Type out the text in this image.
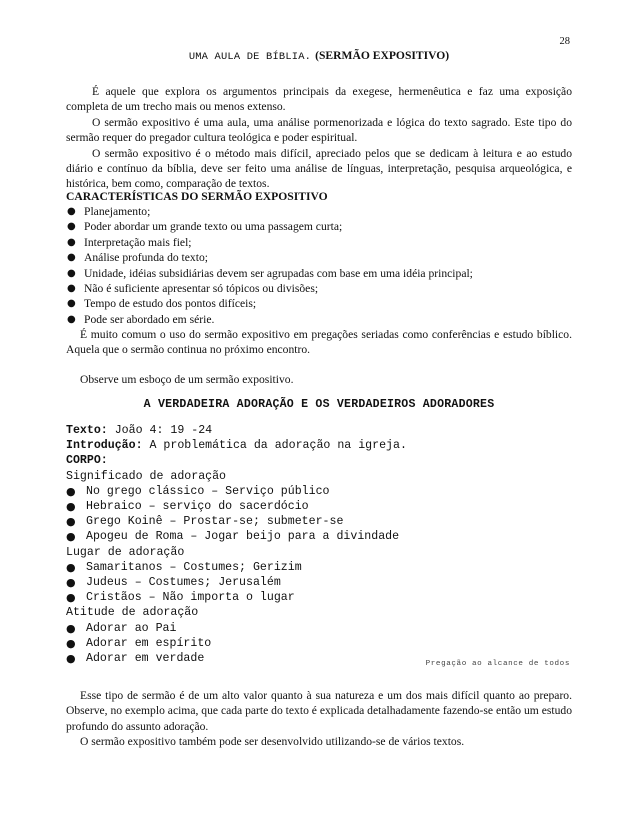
28
UMA AULA DE BÍBLIA. (SERMÃO EXPOSITIVO)

É aquele que explora os argumentos principais da exegese, hermenêutica e faz uma exposição completa de um trecho mais ou menos extenso.

O sermão expositivo é uma aula, uma análise pormenorizada e lógica do texto sagrado. Este tipo do sermão requer do pregador cultura teológica e poder espiritual.

O sermão expositivo é o método mais difícil, apreciado pelos que se dedicam à leitura e ao estudo diário e contínuo da bíblia, deve ser feito uma análise de línguas, interpretação, pesquisa arqueológica, e histórica, bem como, comparação de textos.

CARACTERÍSTICAS DO SERMÃO EXPOSITIVO
● Planejamento;
● Poder abordar um grande texto ou uma passagem curta;
● Interpretação mais fiel;
● Análise profunda do texto;
● Unidade, idéias subsidiárias devem ser agrupadas com base em uma idéia principal;
● Não é suficiente apresentar só tópicos ou divisões;
● Tempo de estudo dos pontos difíceis;
● Pode ser abordado em série.

É muito comum o uso do sermão expositivo em pregações seriadas como conferências e estudo bíblico. Aquela que o sermão continua no próximo encontro.

Observe um esboço de um sermão expositivo.

A VERDADEIRA ADORAÇÃO E OS VERDADEIROS ADORADORES
Texto: João 4: 19 -24
Introdução: A problemática da adoração na igreja.
CORPO:
Significado de adoração
● No grego clássico – Serviço público
● Hebraico – serviço do sacerdócio
● Grego Koinê – Prostar-se; submeter-se
● Apogeu de Roma – Jogar beijo para a divindade
Lugar de adoração
● Samaritanos – Costumes; Gerizim
● Judeus – Costumes; Jerusalém
● Cristãos – Não importa o lugar
Atitude de adoração
● Adorar ao Pai
● Adorar em espírito
● Adorar em verdade	Pregação ao alcance de todos

Esse tipo de sermão é de um alto valor quanto à sua natureza e um dos mais difícil quanto ao preparo. Observe, no exemplo acima, que cada parte do texto é explicada detalhadamente fazendo-se então um estudo profundo do assunto adoração.

O sermão expositivo também pode ser desenvolvido utilizando-se de vários textos.
